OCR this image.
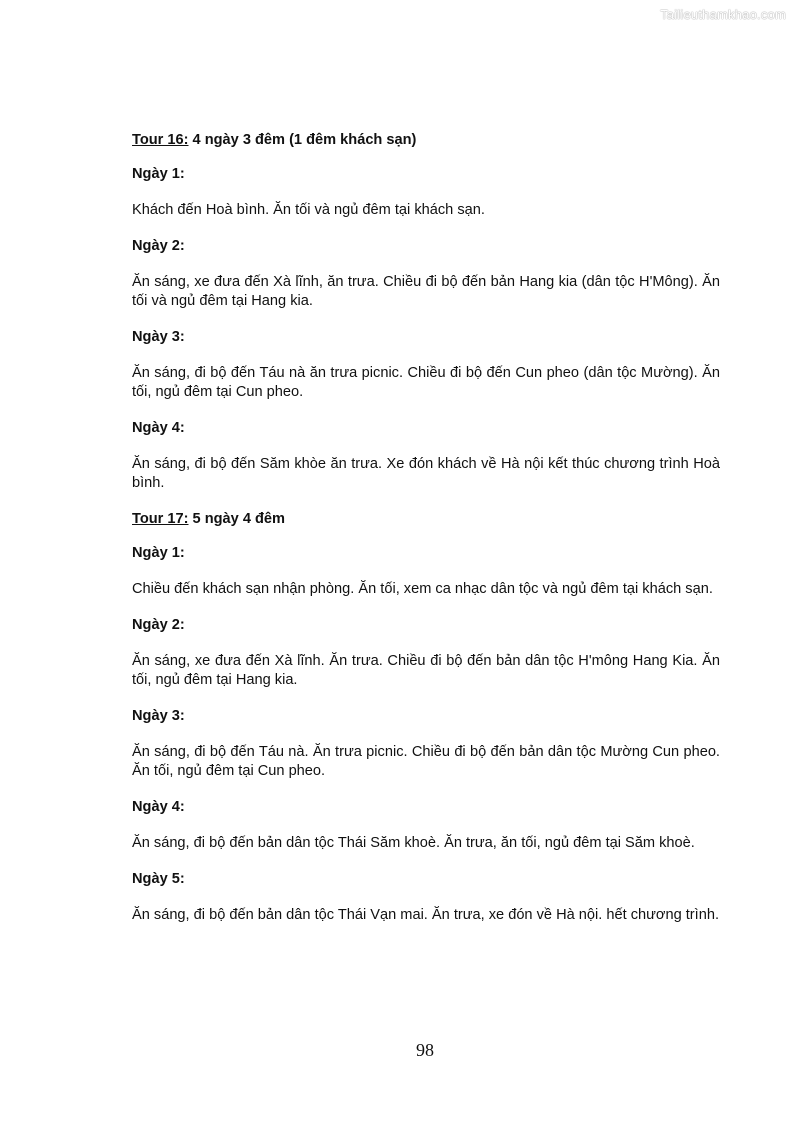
Tailieuthamkhao.com
Tour 16: 4 ngày 3 đêm (1 đêm khách sạn)
Ngày 1:
Khách đến Hoà bình. Ăn tối và ngủ đêm tại khách sạn.
Ngày 2:
Ăn sáng, xe đưa đến Xà lĩnh, ăn trưa. Chiều đi bộ đến bản Hang kia (dân tộc H'Mông). Ăn tối và ngủ đêm tại Hang kia.
Ngày 3:
Ăn sáng, đi bộ đến Táu nà ăn trưa picnic. Chiều đi bộ đến Cun pheo (dân tộc Mường). Ăn tối, ngủ đêm tại Cun pheo.
Ngày 4:
Ăn sáng, đi bộ đến Săm khòe ăn trưa. Xe đón khách về Hà nội kết thúc chương trình Hoà bình.
Tour 17: 5 ngày 4 đêm
Ngày 1:
Chiều đến khách sạn nhận phòng. Ăn tối, xem ca nhạc dân tộc và ngủ đêm tại khách sạn.
Ngày 2:
Ăn sáng, xe đưa đến Xà lĩnh. Ăn trưa. Chiều đi bộ đến bản dân tộc H'mông Hang Kia. Ăn tối, ngủ đêm tại Hang kia.
Ngày 3:
Ăn sáng, đi bộ đến Táu nà. Ăn trưa picnic. Chiều đi bộ đến bản dân tộc Mường Cun pheo. Ăn tối, ngủ đêm tại Cun pheo.
Ngày 4:
Ăn sáng, đi bộ đến bản dân tộc Thái Săm khoè. Ăn trưa, ăn tối, ngủ đêm tại Săm khoè.
Ngày 5:
Ăn sáng, đi bộ đến bản dân tộc Thái Vạn mai. Ăn trưa, xe đón về Hà nội. hết chương trình.
98
